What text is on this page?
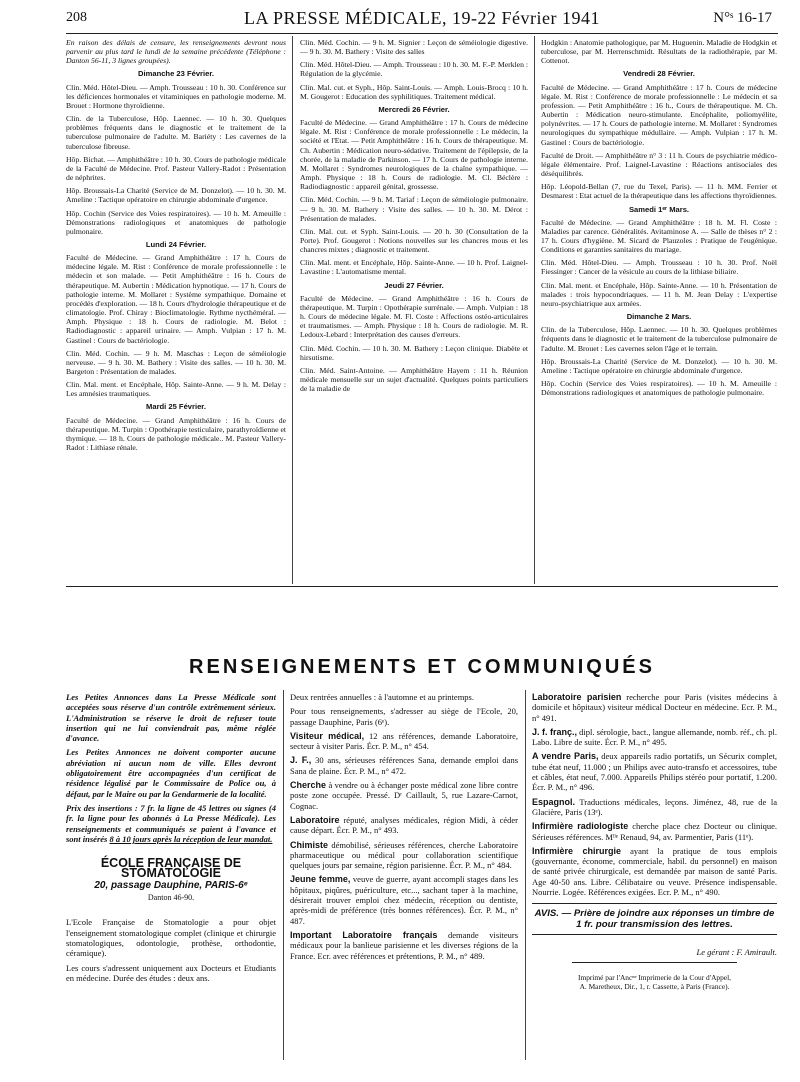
208	LA PRESSE MÉDICALE, 19-22 Février 1941	N°ˢ 16-17

En raison des délais de censure, les renseignements devront nous parvenir au plus tard le lundi de la semaine précédente (Téléphone : Danton 56-11, 3 lignes groupées).

Dimanche 23 Février.

Clin. Méd. Hôtel-Dieu. — Amph. Trousseau : 10 h. 30. Conférence sur les déficiences hormonales et vitaminiques en pathologie moderne. M. Brouet : Hormone thyroïdienne.

Clin. de la Tuberculose, Hôp. Laennec. — 10 h. 30. Quelques problèmes fréquents dans le diagnostic et le traitement de la tuberculose pulmonaire de l'adulte. M. Bariéty : Les cavernes de la tuberculose fibreuse.

Hôp. Bichat. — Amphithéâtre : 10 h. 30. Cours de pathologie médicale de la Faculté de Médecine. Prof. Pasteur Vallery-Radot : Présentation de néphrites.

Hôp. Broussais-La Charité (Service de M. Donzelot). — 10 h. 30. M. Ameline : Tactique opératoire en chirurgie abdominale d'urgence.

Hôp. Cochin (Service des Voies respiratoires). — 10 h. M. Ameuille : Démonstrations radiologiques et anatomiques de pathologie pulmonaire.

Lundi 24 Février.

Faculté de Médecine. — Grand Amphithéâtre : 17 h. Cours de médecine légale. M. Rist : Conférence de morale professionnelle : le médecin et son malade. — Petit Amphithéâtre : 16 h. Cours de thérapeutique. M. Aubertin : Médication hypnotique. — 17 h. Cours de pathologie interne. M. Mollaret : Système sympathique. Domaine et procédés d'exploration. — 18 h. Cours d'hydrologie thérapeutique et de climatologie. Prof. Chiray : Bioclimatologie. Rythme nycthéméral. — Amph. Physique : 18 h. Cours de radiologie. M. Belot : Radiodiagnostic : appareil urinaire. — Amph. Vulpian : 17 h. M. Gastinel : Cours de bactériologie.

Clin. Méd. Cochin. — 9 h. M. Maschas : Leçon de séméiologie nerveuse. — 9 h. 30. M. Bathery : Visite des salles. — 10 h. 30. M. Bargeton : Présentation de malades.

Clin. Mal. ment. et Encéphale, Hôp. Sainte-Anne. — 9 h. M. Delay : Les amnésies traumatiques.

Mardi 25 Février.

Faculté de Médecine. — Grand Amphithéâtre : 16 h. Cours de thérapeutique. M. Turpin : Opothérapie testiculaire, parathyroïdienne et thymique. — 18 h. Cours de pathologie médicale.. M. Pasteur Vallery-Radot : Lithiase rénale.

Clin. Méd. Cochin. — 9 h. M. Signier : Leçon de séméiologie digestive. — 9 h. 30. M. Bathery : Visite des salles

Clin. Méd. Hôtel-Dieu. — Amph. Trousseau : 10 h. 30. M. F.-P. Merklen : Régulation de la glycémie.

Clin. Mal. cut. et Syph., Hôp. Saint-Louis. — Amph. Louis-Brocq : 10 h. M. Gougerot : Education des syphilitiques. Traitement médical.

Mercredi 26 Février.

Faculté de Médecine. — Grand Amphithéâtre : 17 h. Cours de médecine légale. M. Rist : Conférence de morale professionnelle : Le médecin, la société et l'Etat. — Petit Amphithéâtre : 16 h. Cours de thérapeutique. M. Ch. Aubertin : Médication neuro-sédative. Traitement de l'épilepsie, de la chorée, de la maladie de Parkinson. — 17 h. Cours de pathologie interne. M. Mollaret : Syndromes neurologiques de la chaîne sympathique. — Amph. Physique : 18 h. Cours de radiologie. M. Cl. Béclère : Radiodiagnostic : appareil génital, grossesse.

Clin. Méd. Cochin. — 9 h. M. Tariaf : Leçon de séméiologie pulmonaire. — 9 h. 30. M. Bathery : Visite des salles. — 10 h. 30. M. Dérot : Présentation de malades.

Clin. Mal. cut. et Syph. Saint-Louis. — 20 h. 30 (Consultation de la Porte). Prof. Gougerot : Notions nouvelles sur les chancres mous et les chancres mixtes ; diagnostic et traitement.

Clin. Mal. ment. et Encéphale, Hôp. Sainte-Anne. — 10 h. Prof. Laignel-Lavastine : L'automatisme mental.

Jeudi 27 Février.

Faculté de Médecine. — Grand Amphithéâtre : 16 h. Cours de thérapeutique. M. Turpin : Opothérapie surrénale. — Amph. Vulpian : 18 h. Cours de médecine légale. M. Fl. Coste : Affections ostéo-articulaires et traumatismes. — Amph. Physique : 18 h. Cours de radiologie. M. R. Ledoux-Lebard : Interprétation des causes d'erreurs.

Clin. Méd. Cochin. — 10 h. 30. M. Bathery : Leçon clinique. Diabète et hirsutisme.

Clin. Méd. Saint-Antoine. — Amphithéâtre Hayem : 11 h. Réunion médicale mensuelle sur un sujet d'actualité. Quelques points particuliers de la maladie de

Hodgkin : Anatomie pathologique, par M. Huguenin. Maladie de Hodgkin et tuberculose, par M. Herrenschmidt. Résultats de la radiothérapie, par M. Cottenot.

Vendredi 28 Février.

Faculté de Médecine. — Grand Amphithéâtre : 17 h. Cours de médecine légale. M. Rist : Conférence de morale professionnelle : Le médecin et sa profession. — Petit Amphithéâtre : 16 h., Cours de thérapeutique. M. Ch. Aubertin : Médication neuro-stimulante. Encéphalite, poliomyélite, polynévrites. — 17 h. Cours de pathologie interne. M. Mollaret : Syndromes neurologiques du sympathique médullaire. — Amph. Vulpian : 17 h. M. Gastinel : Cours de bactériologie.

Faculté de Droit. — Amphithéâtre n° 3 : 11 h. Cours de psychiatrie médico-légale élémentaire. Prof. Laignel-Lavastine : Réactions antisociales des déséquilibrés.

Hôp. Léopold-Bellan (7, rue du Texel, Paris). — 11 h. MM. Ferrier et Desmarest : Etat actuel de la thérapeutique dans les affections thyroïdiennes.

Samedi 1ᵉʳ Mars.

Faculté de Médecine. — Grand Amphithéâtre : 18 h. M. Fl. Coste : Maladies par carence. Généralités. Avitaminose A. — Salle de thèses n° 2 : 17 h. Cours d'hygiène. M. Sicard de Plauzoles : Pratique de l'eugénique. Conditions et garanties sanitaires du mariage.

Clin. Méd. Hôtel-Dieu. — Amph. Trousseau : 10 h. 30. Prof. Noël Fiessinger : Cancer de la vésicule au cours de la lithiase biliaire.

Clin. Mal. ment. et Encéphale, Hôp. Sainte-Anne. — 10 h. Présentation de malades : trois hypocondriaques. — 11 h. M. Jean Delay : L'expertise neuro-psychiatrique aux armées.

Dimanche 2 Mars.

Clin. de la Tuberculose, Hôp. Laennec. — 10 h. 30. Quelques problèmes fréquents dans le diagnostic et le traitement de la tuberculose pulmonaire de l'adulte. M. Brouet : Les cavernes selon l'âge et le terrain.

Hôp. Broussais-La Charité (Service de M. Donzelot). — 10 h. 30. M. Ameline : Tactique opératoire en chirurgie abdominale d'urgence.

Hôp. Cochin (Service des Voies respiratoires). — 10 h. M. Ameuille : Démonstrations radiologiques et anatomiques de pathologie pulmonaire.

RENSEIGNEMENTS ET COMMUNIQUÉS

Les Petites Annonces dans La Presse Médicale sont acceptées sous réserve d'un contrôle extrêmement sérieux. L'Administration se réserve le droit de refuser toute insertion qui ne lui conviendrait pas, même réglée d'avance.

Les Petites Annonces ne doivent comporter aucune abréviation ni aucun nom de ville. Elles devront obligatoirement être accompagnées d'un certificat de résidence légalisé par le Commissaire de Police ou, à défaut, par le Maire ou par la Gendarmerie de la localité.

Prix des insertions : 7 fr. la ligne de 45 lettres ou signes (4 fr. la ligne pour les abonnés à La Presse Médicale). Les renseignements et communiqués se paient à l'avance et sont insérés 8 à 10 jours après la réception de leur mandat.

ÉCOLE FRANÇAISE DE STOMATOLOGIE
20, passage Dauphine, PARIS-6ᵉ
Danton 46-90.

L'Ecole Française de Stomatologie a pour objet l'enseignement stomatologique complet (clinique et chirurgie stomatologiques, odontologie, prothèse, orthodontie, céramique).

Les cours s'adressent uniquement aux Docteurs et Etudiants en médecine. Durée des études : deux ans.

Deux rentrées annuelles : à l'automne et au printemps.

Pour tous renseignements, s'adresser au siège de l'Ecole, 20, passage Dauphine, Paris (6ᵉ).

Visiteur médical, 12 ans références, demande Laboratoire, secteur à visiter Paris. Écr. P. M., n° 454.

J. F., 30 ans, sérieuses références Sana, demande emploi dans Sana de plaine. Écr. P. M., n° 472.

Cherche à vendre ou à échanger poste médical zone libre contre poste zone occupée. Pressé. Dʳ Caillault, 5, rue Lazare-Carnot, Cognac.

Laboratoire réputé, analyses médicales, région Midi, à céder cause départ. Écr. P. M., n° 493.

Chimiste démobilisé, sérieuses références, cherche Laboratoire pharmaceutique ou médical pour collaboration scientifique quelques jours par semaine, région parisienne. Écr. P. M., n° 484.

Jeune femme, veuve de guerre, ayant accompli stages dans les hôpitaux, piqûres, puériculture, etc..., sachant taper à la machine, désirerait trouver emploi chez médecin, réception ou dentiste, après-midi de préférence (très bonnes références). Écr. P. M., n° 487.

Important Laboratoire français demande visiteurs médicaux pour la banlieue parisienne et les diverses régions de la France. Ecr. avec références et prétentions, P. M., n° 489.

Laboratoire parisien recherche pour Paris (visites médecins à domicile et hôpitaux) visiteur médical Docteur en médecine. Ecr. P. M., n° 491.

J. f. franç., dipl. sérologie, bact., langue allemande, nomb. réf., ch. pl. Labo. Libre de suite. Écr. P. M., n° 495.

A vendre Paris, deux appareils radio portatifs, un Sécurix complet, tube état neuf, 11.000 ; un Philips avec auto-transfo et accessoires, tube et câbles, état neuf, 7.000. Appareils Philips stéréo pour portatif, 1.200. Écr. P. M., n° 496.

Espagnol. Traductions médicales, leçons. Jiménez, 48, rue de la Glacière, Paris (13ᵉ).

Infirmière radiologiste cherche place chez Docteur ou clinique. Sérieuses références. Mˡˡᵉ Renaud, 94, av. Parmentier, Paris (11ᵉ).

Infirmière chirurgie ayant la pratique de tous emplois (gouvernante, économe, commerciale, habil. du personnel) en maison de santé privée chirurgicale, est demandée par maison de santé Paris. Age 40-50 ans. Libre. Célibataire ou veuve. Présence indispensable. Nourrie. Logée. Références exigées. Ecr. P. M., n° 490.

AVIS. — Prière de joindre aux réponses un timbre de 1 fr. pour transmission des lettres.
Le gérant : F. Amirault.
Imprimé par l'Ancⁿᵉ Imprimerie de la Cour d'Appel,
A. Maretheux, Dir., 1, r. Cassette, à Paris (France).
